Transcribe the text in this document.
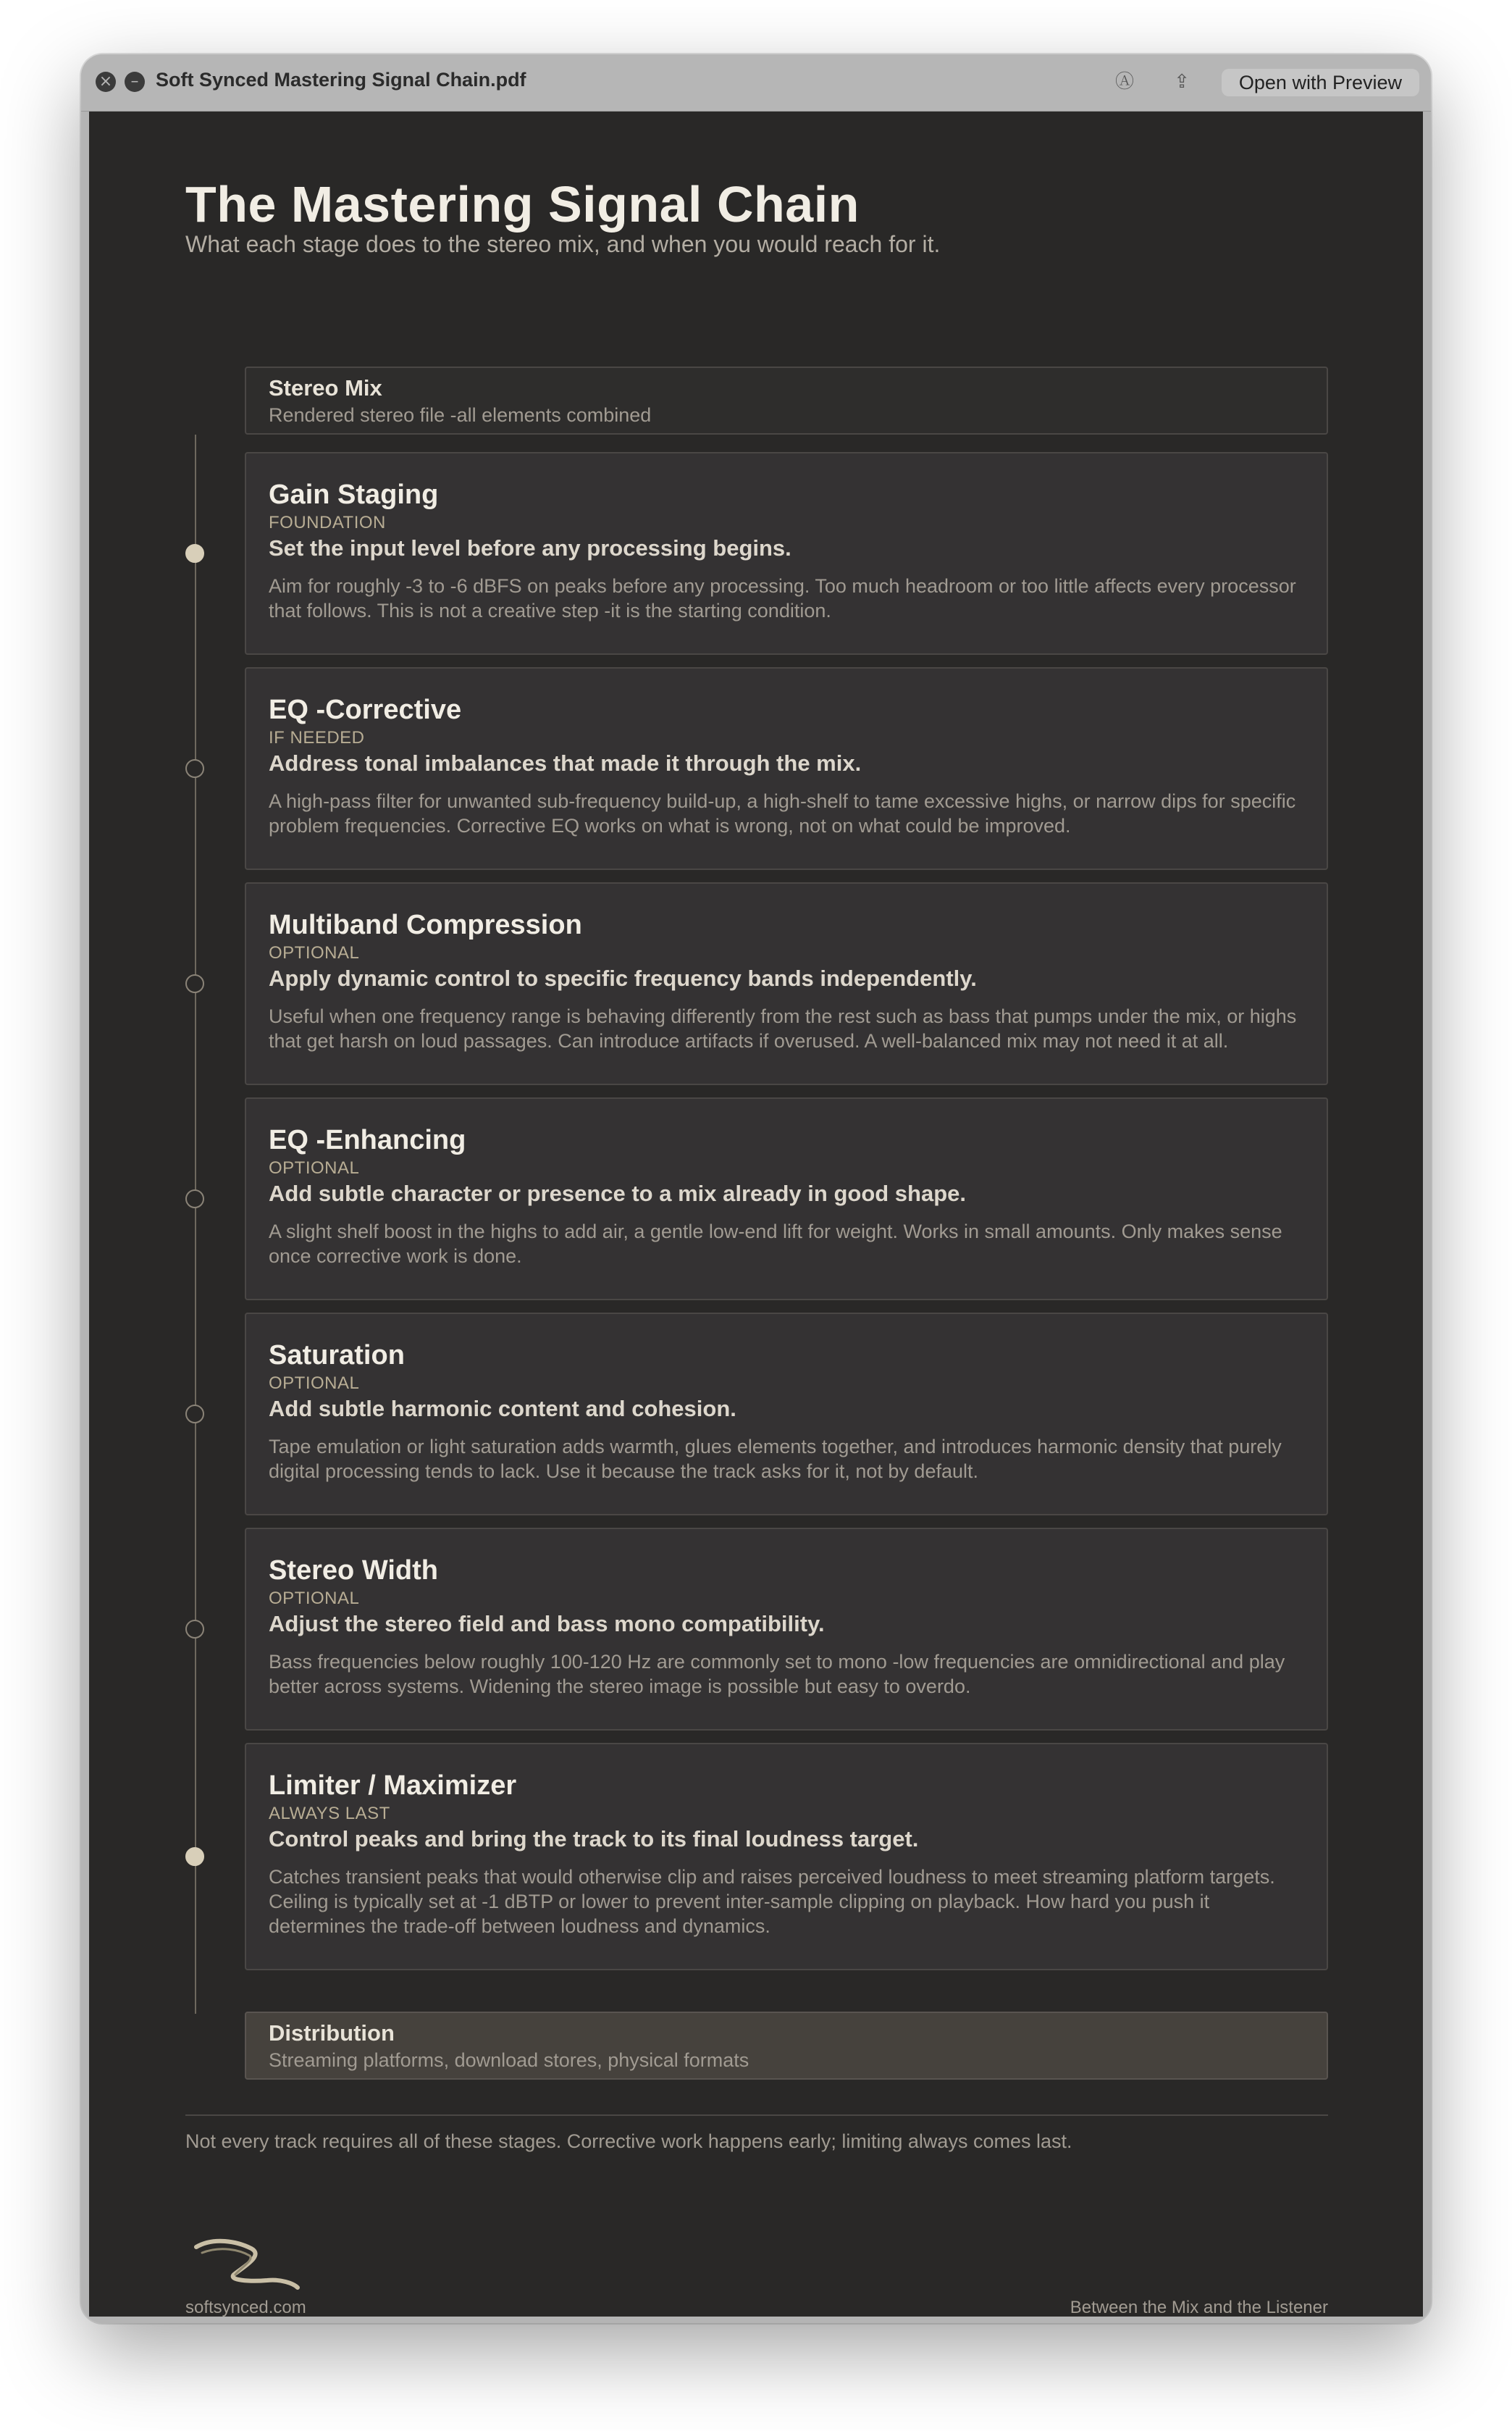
×	– Soft Synced Mastering Signal Chain.pdf	Ⓐ ⇪	Open with Preview
The Mastering Signal Chain
What each stage does to the stereo mix, and when you would reach for it.
Stereo Mix
Rendered stereo file -all elements combined
Gain Staging
FOUNDATION
Set the input level before any processing begins.
Aim for roughly -3 to -6 dBFS on peaks before any processing. Too much headroom or too little affects every processor that follows. This is not a creative step -it is the starting condition.
EQ -Corrective
IF NEEDED
Address tonal imbalances that made it through the mix.
A high-pass filter for unwanted sub-frequency build-up, a high-shelf to tame excessive highs, or narrow dips for specific problem frequencies. Corrective EQ works on what is wrong, not on what could be improved.
Multiband Compression
OPTIONAL
Apply dynamic control to specific frequency bands independently.
Useful when one frequency range is behaving differently from the rest such as bass that pumps under the mix, or highs that get harsh on loud passages. Can introduce artifacts if overused. A well-balanced mix may not need it at all.
EQ -Enhancing
OPTIONAL
Add subtle character or presence to a mix already in good shape.
A slight shelf boost in the highs to add air, a gentle low-end lift for weight. Works in small amounts. Only makes sense once corrective work is done.
Saturation
OPTIONAL
Add subtle harmonic content and cohesion.
Tape emulation or light saturation adds warmth, glues elements together, and introduces harmonic density that purely digital processing tends to lack. Use it because the track asks for it, not by default.
Stereo Width
OPTIONAL
Adjust the stereo field and bass mono compatibility.
Bass frequencies below roughly 100-120 Hz are commonly set to mono -low frequencies are omnidirectional and play better across systems. Widening the stereo image is possible but easy to overdo.
Limiter / Maximizer
ALWAYS LAST
Control peaks and bring the track to its final loudness target.
Catches transient peaks that would otherwise clip and raises perceived loudness to meet streaming platform targets. Ceiling is typically set at -1 dBTP or lower to prevent inter-sample clipping on playback. How hard you push it determines the trade-off between loudness and dynamics.
Distribution
Streaming platforms, download stores, physical formats
Not every track requires all of these stages. Corrective work happens early; limiting always comes last.
softsynced.com	Between the Mix and the Listener
